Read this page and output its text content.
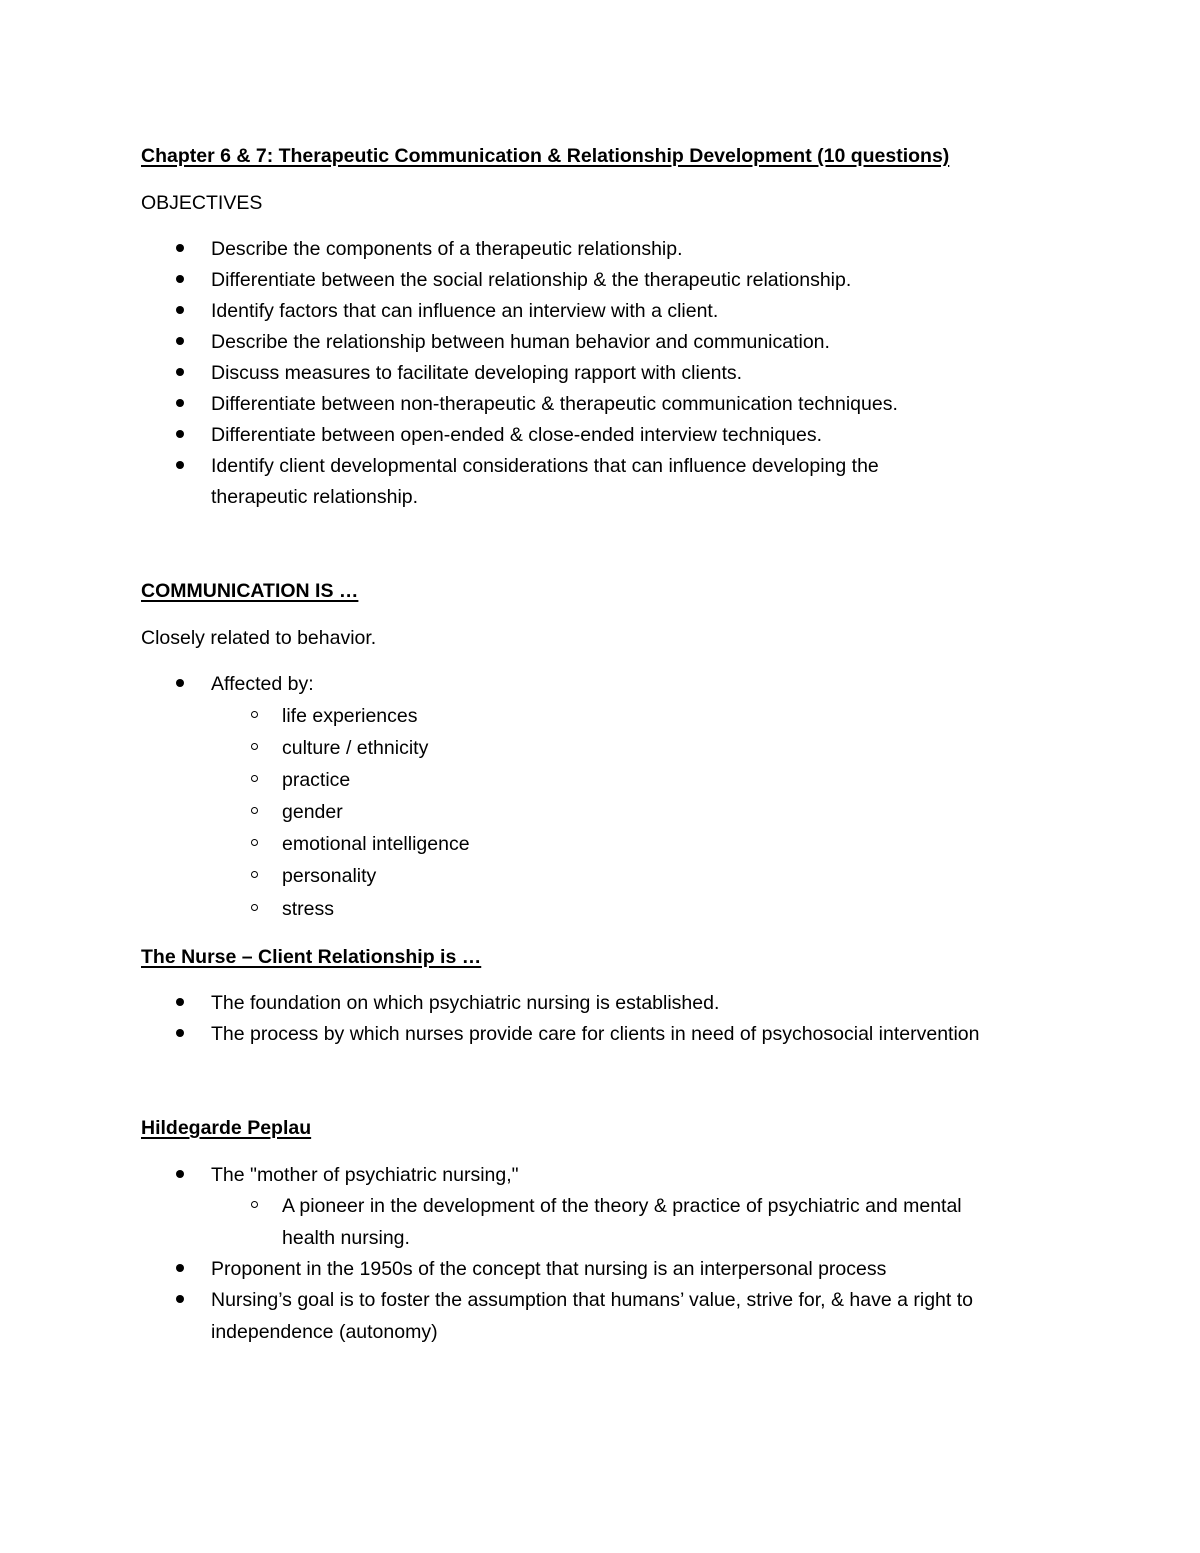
Chapter 6 & 7: Therapeutic Communication & Relationship Development (10 questions)
OBJECTIVES
Describe the components of a therapeutic relationship.
Differentiate between the social relationship & the therapeutic relationship.
Identify factors that can influence an interview with a client.
Describe the relationship between human behavior and communication.
Discuss measures to facilitate developing rapport with clients.
Differentiate between non-therapeutic & therapeutic communication techniques.
Differentiate between open-ended & close-ended interview techniques.
Identify client developmental considerations that can influence developing the
therapeutic relationship.
COMMUNICATION IS …
Closely related to behavior.
Affected by:
life experiences
culture / ethnicity
practice
gender
emotional intelligence
personality
stress
The Nurse – Client Relationship is …
The foundation on which psychiatric nursing is established.
The process by which nurses provide care for clients in need of psychosocial intervention
Hildegarde Peplau
The "mother of psychiatric nursing,"
A pioneer in the development of the theory & practice of psychiatric and mental
health nursing.
Proponent in the 1950s of the concept that nursing is an interpersonal process
Nursing’s goal is to foster the assumption that humans’ value, strive for, & have a right to
independence (autonomy)
